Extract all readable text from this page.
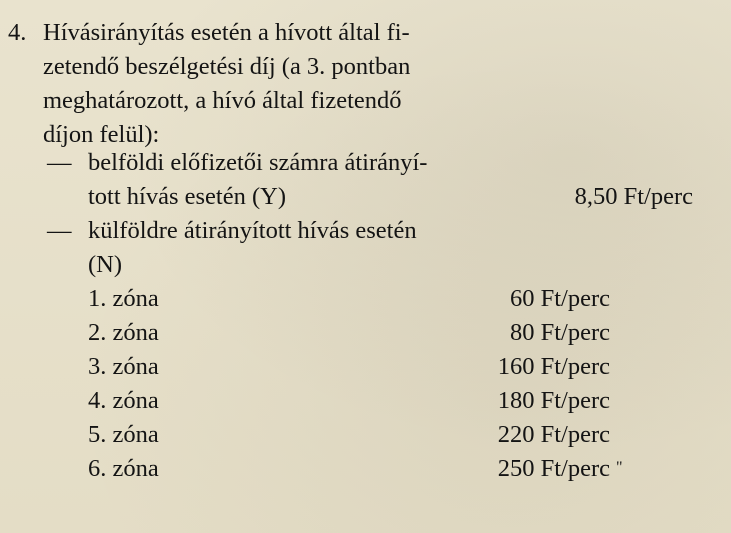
4. Hívásirányítás esetén a hívott által fi-
zetendő beszélgetési díj (a 3. pontban
meghatározott, a hívó által fizetendő
díjon felül):
— belföldi előfizetői számra átirányí-
tott hívás esetén (Y)	8,50 Ft/perc
— külföldre átirányított hívás esetén
(N)
1. zóna	60 Ft/perc
2. zóna	80 Ft/perc
3. zóna	160 Ft/perc
4. zóna	180 Ft/perc
5. zóna	220 Ft/perc
6. zóna	250 Ft/perc "
